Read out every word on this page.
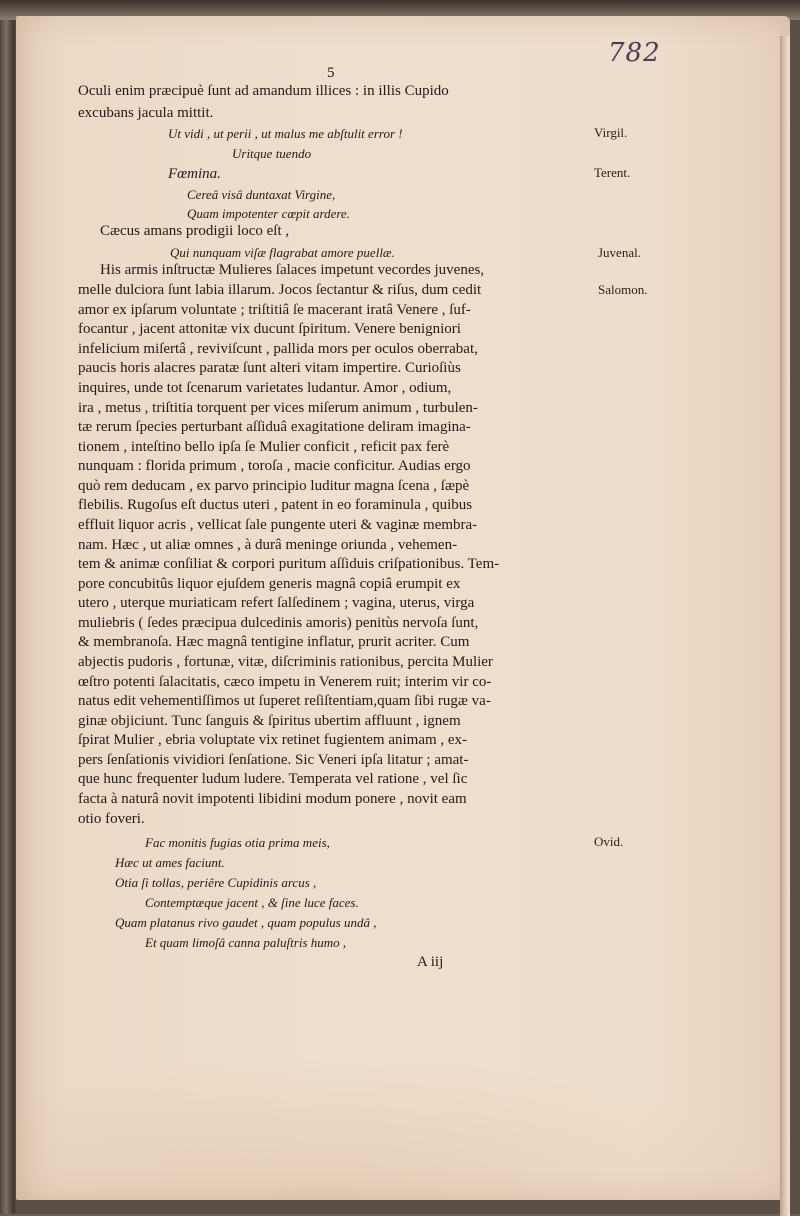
782
5
Oculi enim præcipuè ſunt ad amandum illices : in illis Cupido
excubans jacula mittit.
Ut vidi , ut perii , ut malus me abſtulit error !
Uritque tuendo
Fœmina.
Cereâ visâ duntaxat Virgine,
Quam impotenter cœpit ardere.
Cæcus amans prodigii loco eſt ,
Qui nunquam viſæ flagrabat amore puellæ.
His armis inſtructæ Mulieres ſalaces impetunt vecordes juvenes,
melle dulciora ſunt labia illarum. Jocos ſectantur & riſus, dum cedit
amor ex ipſarum voluntate ; triſtitiâ ſe macerant iratâ Venere , ſuf-
focantur , jacent attonitæ vix ducunt ſpiritum. Venere benigniori
infelicium miſertâ , reviviſcunt , pallida mors per oculos oberrabat,
paucis horis alacres paratæ ſunt alteri vitam impertire. Curioſiùs
inquires, unde tot ſcenarum varietates ludantur. Amor , odium,
ira , metus , triſtitia torquent per vices miſerum animum , turbulen-
tæ rerum ſpecies perturbant aſſiduâ exagitatione deliram imagina-
tionem , inteſtino bello ipſa ſe Mulier conficit , reficit pax ferè
nunquam : florida primum , toroſa , macie conficitur. Audias ergo
quò rem deducam , ex parvo principio luditur magna ſcena , ſæpè
flebilis. Rugoſus eſt ductus uteri , patent in eo foraminula , quibus
effluit liquor acris , vellicat ſale pungente uteri & vaginæ membra-
nam. Hæc , ut aliæ omnes , à durâ meninge oriunda , vehemen-
tem & animæ conſiliat & corpori puritum aſſiduis criſpationibus. Tem-
pore concubitûs liquor ejuſdem generis magnâ copiâ erumpit ex
utero , uterque muriaticam refert ſalſedinem ; vagina, uterus, virga
muliebris ( ſedes præcipua dulcedinis amoris) penitùs nervoſa ſunt,
& membranoſa. Hæc magnâ tentigine inflatur, prurit acriter. Cum
abjectis pudoris , fortunæ, vitæ, diſcriminis rationibus, percita Mulier
œſtro potenti ſalacitatis, cæco impetu in Venerem ruit; interim vir co-
natus edit vehementiſſimos ut ſuperet reſiſtentiam,quam ſibi rugæ va-
ginæ objiciunt. Tunc ſanguis & ſpiritus ubertim affluunt , ignem
ſpirat Mulier , ebria voluptate vix retinet fugientem animam , ex-
pers ſenſationis vividiori ſenſatione. Sic Veneri ipſa litatur ; amat-
que hunc frequenter ludum ludere. Temperata vel ratione , vel ſic
facta à naturâ novit impotenti libidini modum ponere , novit eam
otio foveri.
Fac monitis fugias otia prima meis,
Hæc ut ames faciunt.
Otia ſi tollas, periêre Cupidinis arcus ,
Contemptæque jacent , & ſine luce faces.
Quam platanus rivo gaudet , quam populus undâ ,
Et quam limoſâ canna paluſtris humo ,
A iij
Virgil.
Terent.
Juvenal.
Salomon.
Ovid.
